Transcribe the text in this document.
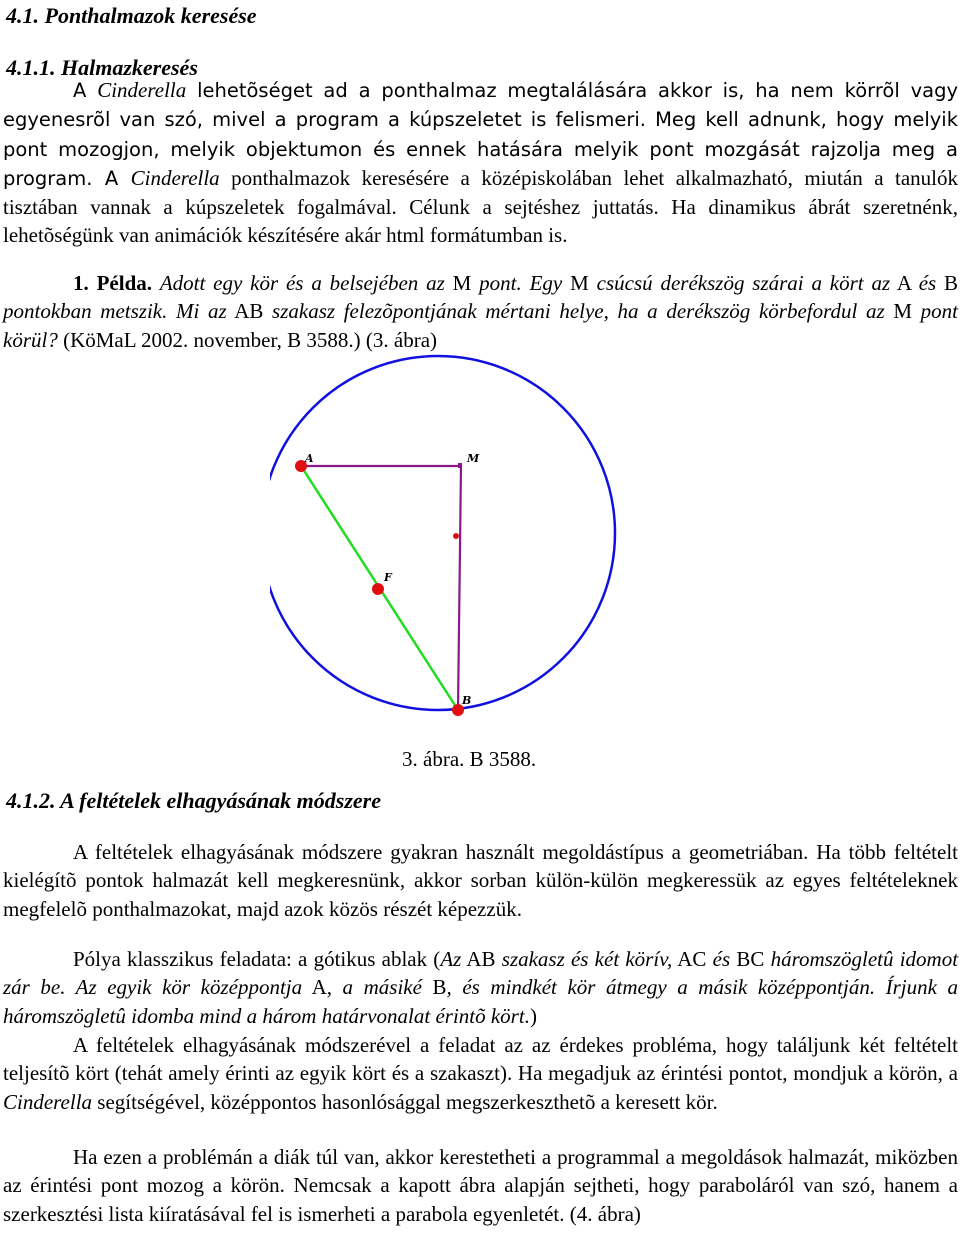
4.1. Ponthalmazok keresése
4.1.1. Halmazkeresés
A Cinderella lehetõséget ad a ponthalmaz megtalálására akkor is, ha nem körrõl vagy egyenesrõl van szó, mivel a program a kúpszeletet is felismeri. Meg kell adnunk, hogy melyik pont mozogjon, melyik objektumon és ennek hatására melyik pont mozgását rajzolja meg a program. A Cinderella ponthalmazok keresésére a középiskolában lehet alkalmazható, miután a tanulók tisztában vannak a kúpszeletek fogalmával. Célunk a sejtéshez juttatás. Ha dinamikus ábrát szeretnénk, lehetõségünk van animációk készítésére akár html formátumban is.
1. Példa. Adott egy kör és a belsejében az M pont. Egy M csúcsú derékszög szárai a kört az A és B pontokban metszik. Mi az AB szakasz felezõpontjának mértani helye, ha a derékszög körbefordul az M pont körül? (KöMaL 2002. november, B 3588.) (3. ábra)
A	M
F
B
3. ábra. B 3588.
4.1.2. A feltételek elhagyásának módszere
A feltételek elhagyásának módszere gyakran használt megoldástípus a geometriában. Ha több feltételt kielégítõ pontok halmazát kell megkeresnünk, akkor sorban külön-külön megkeressük az egyes feltételeknek megfelelõ ponthalmazokat, majd azok közös részét képezzük.
Pólya klasszikus feladata: a gótikus ablak (Az AB szakasz és két körív, AC és BC háromszögletû idomot zár be. Az egyik kör középpontja A, a másiké B, és mindkét kör átmegy a másik középpontján. Írjunk a háromszögletû idomba mind a három határvonalat érintõ kört.)
A feltételek elhagyásának módszerével a feladat az az érdekes probléma, hogy találjunk két feltételt teljesítõ kört (tehát amely érinti az egyik kört és a szakaszt). Ha megadjuk az érintési pontot, mondjuk a körön, a Cinderella segítségével, középpontos hasonlósággal megszerkeszthetõ a keresett kör.
Ha ezen a problémán a diák túl van, akkor kerestetheti a programmal a megoldások halmazát, miközben az érintési pont mozog a körön. Nemcsak a kapott ábra alapján sejtheti, hogy paraboláról van szó, hanem a szerkesztési lista kiíratásával fel is ismerheti a parabola egyenletét. (4. ábra)
